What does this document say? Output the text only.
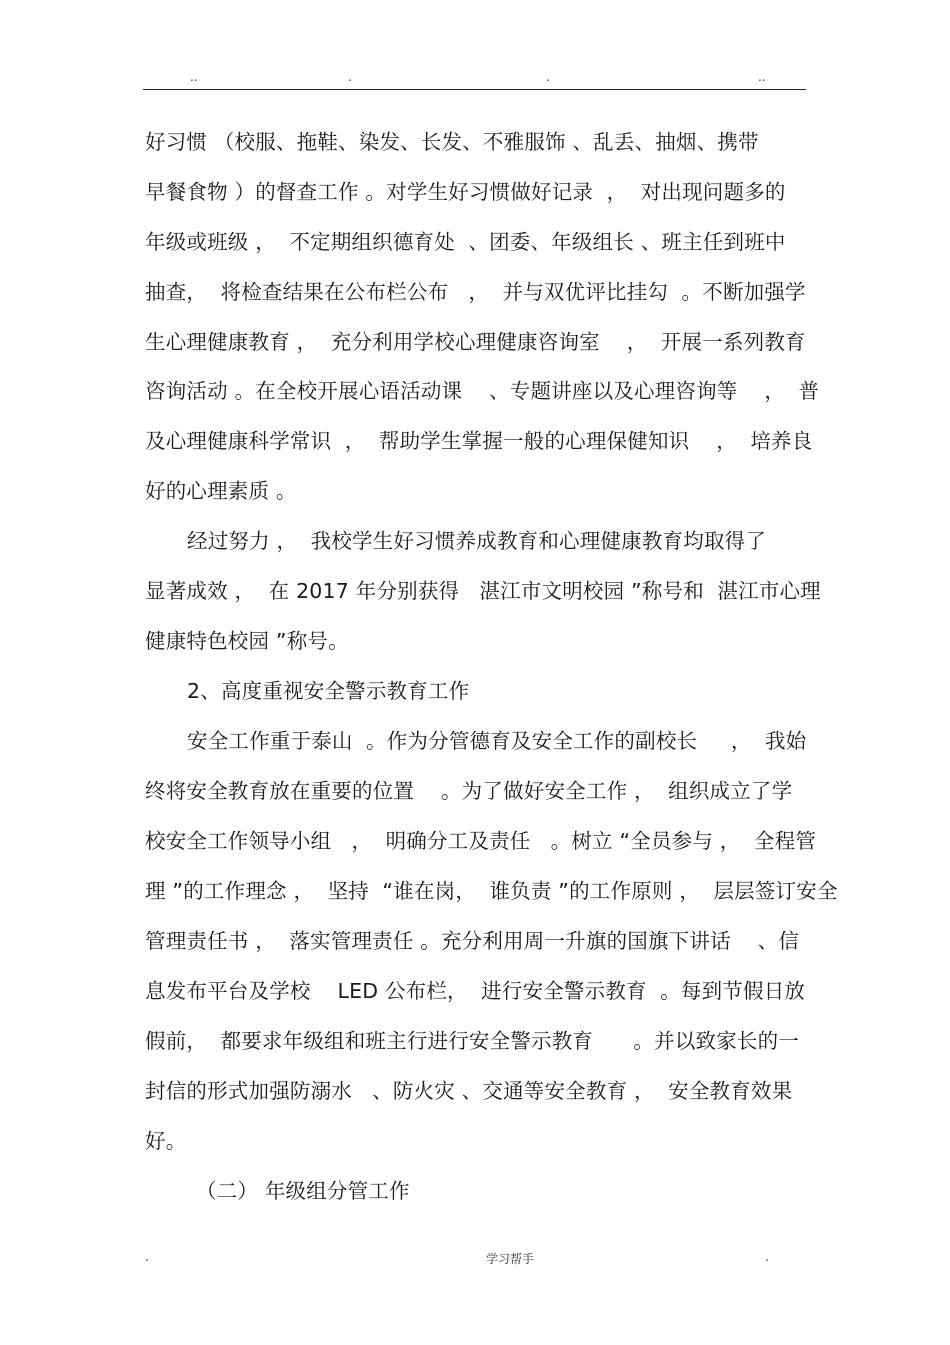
..	.	.	..
好习惯 （校服、拖鞋、染发、长发、不雅服饰 、乱丢、抽烟、携带
早餐食物 ）的督查工作 。对学生好习惯做好记录  ，  对出现问题多的
年级或班级 ，  不定期组织德育处  、团委、年级组长 、班主任到班中
抽查，  将检查结果在公布栏公布   ，  并与双优评比挂勾  。不断加强学
生心理健康教育 ，  充分利用学校心理健康咨询室    ，  开展一系列教育
咨询活动 。在全校开展心语活动课    、专题讲座以及心理咨询等    ，  普
及心理健康科学常识  ，  帮助学生掌握一般的心理保健知识    ，  培养良
好的心理素质 。
经过努力 ，  我校学生好习惯养成教育和心理健康教育均取得了
显著成效 ，  在 2017 年分别获得   湛江市文明校园 ”称号和  湛江市心理
健康特色校园 ”称号。
2、高度重视安全警示教育工作
安全工作重于泰山  。作为分管德育及安全工作的副校长     ，  我始
终将安全教育放在重要的位置    。为了做好安全工作 ，  组织成立了学
校安全工作领导小组   ，  明确分工及责任   。树立 “全员参与 ，  全程管
理 ”的工作理念 ，  坚持  “谁在岗，  谁负责 ”的工作原则 ，  层层签订安全
管理责任书 ，  落实管理责任 。充分利用周一升旗的国旗下讲话    、信
息发布平台及学校    LED 公布栏，  进行安全警示教育  。每到节假日放
假前，  都要求年级组和班主行进行安全警示教育      。并以致家长的一
封信的形式加强防溺水   、防火灾 、交通等安全教育 ，  安全教育效果
好。
（二） 年级组分管工作
.	学习帮手	.
